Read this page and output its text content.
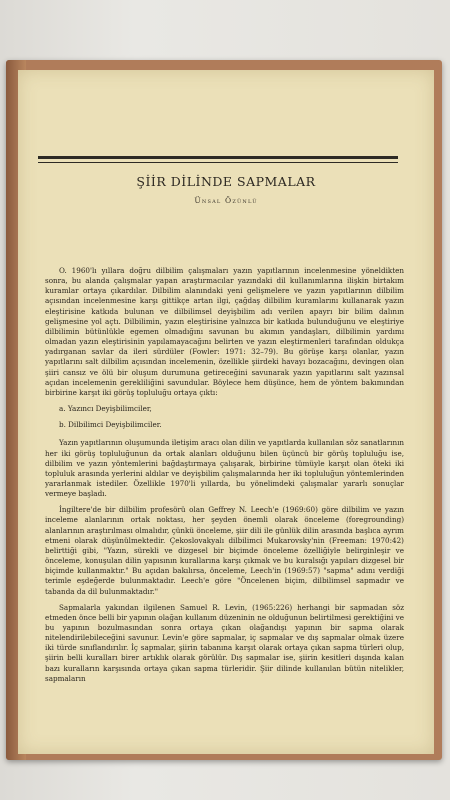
ŞİİR DİLİNDE SAPMALAR
Ünsal Özünlü

O. 1960'lı yıllara doğru dilbilim çalışmaları yazın yapıtlarının incelenmesine yöneldikten sonra, bu alanda çalışmalar yapan araştırmacılar yazındaki dil kullanımlarına ilişkin birtakım kuramlar ortaya çıkardılar. Dilbilim alanındaki yeni gelişmelere ve yazın yapıtlarının dilbilim açısından incelenmesine karşı gittikçe artan ilgi, çağdaş dilbilim kuramlarını kullanarak yazın eleştirisine katkıda bulunan ve dilbilimsel deyişbilim adı verilen apayrı bir bilim dalının gelişmesine yol açtı. Dilbilimin, yazın eleştirisine yalnızca bir katkıda bulunduğunu ve eleştiriye dilbilimin bütünlükle egemen olmadığını savunan bu akımın yandaşları, dilbilimin yardımı olmadan yazın eleştirisinin yapılamayacağını belirten ve yazın eleştirmenleri tarafından oldukça yadırganan savlar da ileri sürdüler (Fowler: 1971: 32–79). Bu görüşe karşı olanlar, yazın yapıtlarını salt dilbilim açısından incelemenin, özellikle şiirdeki havayı bozacağını, devingen olan şiiri cansız ve ölü bir oluşum durumuna getireceğini savunarak yazın yapıtlarını salt yazınsal açıdan incelemenin gerekliliğini savundular. Böylece hem düşünce, hem de yöntem bakımından birbirine karşıt iki görüş topluluğu ortaya çıktı:

a. Yazıncı Deyişbilimciler,
b. Dilbilimci Deyişbilimciler.

Yazın yapıtlarının oluşumunda iletişim aracı olan dilin ve yapıtlarda kullanılan söz sanatlarının her iki görüş topluluğunun da ortak alanları olduğunu bilen üçüncü bir görüş topluluğu ise, dilbilim ve yazın yöntemlerini bağdaştırmaya çalışarak, birbirine tümüyle karşıt olan öteki iki topluluk arasında yerlerini aldılar ve deyişbilim çalışmalarında her iki topluluğun yöntemlerinden yararlanmak istediler. Özellikle 1970'li yıllarda, bu yönelimdeki çalışmalar yararlı sonuçlar vermeye başladı.

İngiltere'de bir dilbilim profesörü olan Geffrey N. Leech'e (1969:60) göre dilbilim ve yazın inceleme alanlarının ortak noktası, her şeyden önemli olarak önceleme (foregrounding) alanlarının araştırılması olmalıdır, çünkü önceleme, şiir dili ile günlük dilin arasında başlıca ayrım etmeni olarak düşünülmektedir. Çekoslovakyalı dilbilimci Mukarovsky'nin (Freeman: 1970:42) belirttiği gibi, "Yazın, sürekli ve dizgesel bir biçimde önceleme özelliğiyle belirginleşir ve önceleme, konuşulan dilin yapısının kurallarına karşı çıkmak ve bu kuralsığı yapıları dizgesel bir biçimde kullanmaktır." Bu açıdan bakılırsa, önceleme, Leech'in (1969:57) "sapma" adını verdiği terimle eşdeğerde bulunmaktadır. Leech'e göre "Öncelenen biçim, dilbilimsel sapmadır ve tabanda da dil bulunmaktadır."

Sapmalarla yakından ilgilenen Samuel R. Levin, (1965:226) herhangi bir sapmadan söz etmeden önce belli bir yapının olağan kullanım düzeninin ne olduğunun belirtilmesi gerektiğini ve bu yapının bozulmasından sonra ortaya çıkan olağandışı yapının bir sapma olarak nitelendirilebileceğini savunur. Levin'e göre sapmalar, iç sapmalar ve dış sapmalar olmak üzere iki türde sınıflandırılır. İç sapmalar, şiirin tabanına karşıt olarak ortaya çıkan sapma türleri olup, şiirin belli kuralları birer artıklık olarak görülür. Dış sapmalar ise, şiirin kesitleri dışında kalan bazı kuralların karşısında ortaya çıkan sapma türleridir. Şiir dilinde kullanılan bütün nitelikler, sapmaların
